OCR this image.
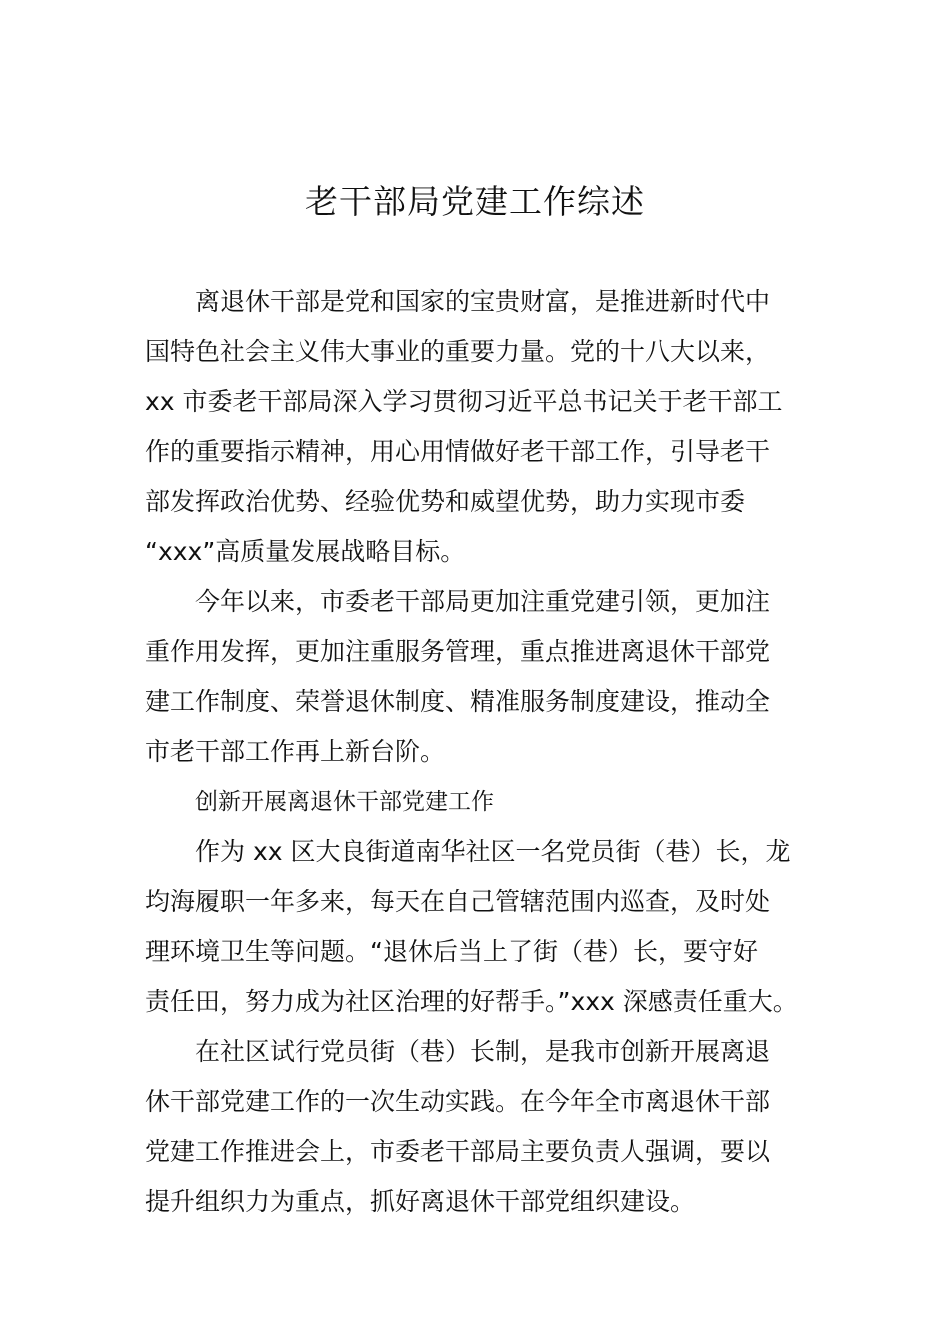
老干部局党建工作综述
离退休干部是党和国家的宝贵财富，是推进新时代中
国特色社会主义伟大事业的重要力量。党的十八大以来，
xx 市委老干部局深入学习贯彻习近平总书记关于老干部工
作的重要指示精神，用心用情做好老干部工作，引导老干
部发挥政治优势、经验优势和威望优势，助力实现市委
“xxx”高质量发展战略目标。
今年以来，市委老干部局更加注重党建引领，更加注
重作用发挥，更加注重服务管理，重点推进离退休干部党
建工作制度、荣誉退休制度、精准服务制度建设，推动全
市老干部工作再上新台阶。
创新开展离退休干部党建工作
作为 xx 区大良街道南华社区一名党员街（巷）长，龙
均海履职一年多来，每天在自己管辖范围内巡查，及时处
理环境卫生等问题。“退休后当上了街（巷）长，要守好
责任田，努力成为社区治理的好帮手。”xxx 深感责任重大。
在社区试行党员街（巷）长制，是我市创新开展离退
休干部党建工作的一次生动实践。在今年全市离退休干部
党建工作推进会上，市委老干部局主要负责人强调，要以
提升组织力为重点，抓好离退休干部党组织建设。
